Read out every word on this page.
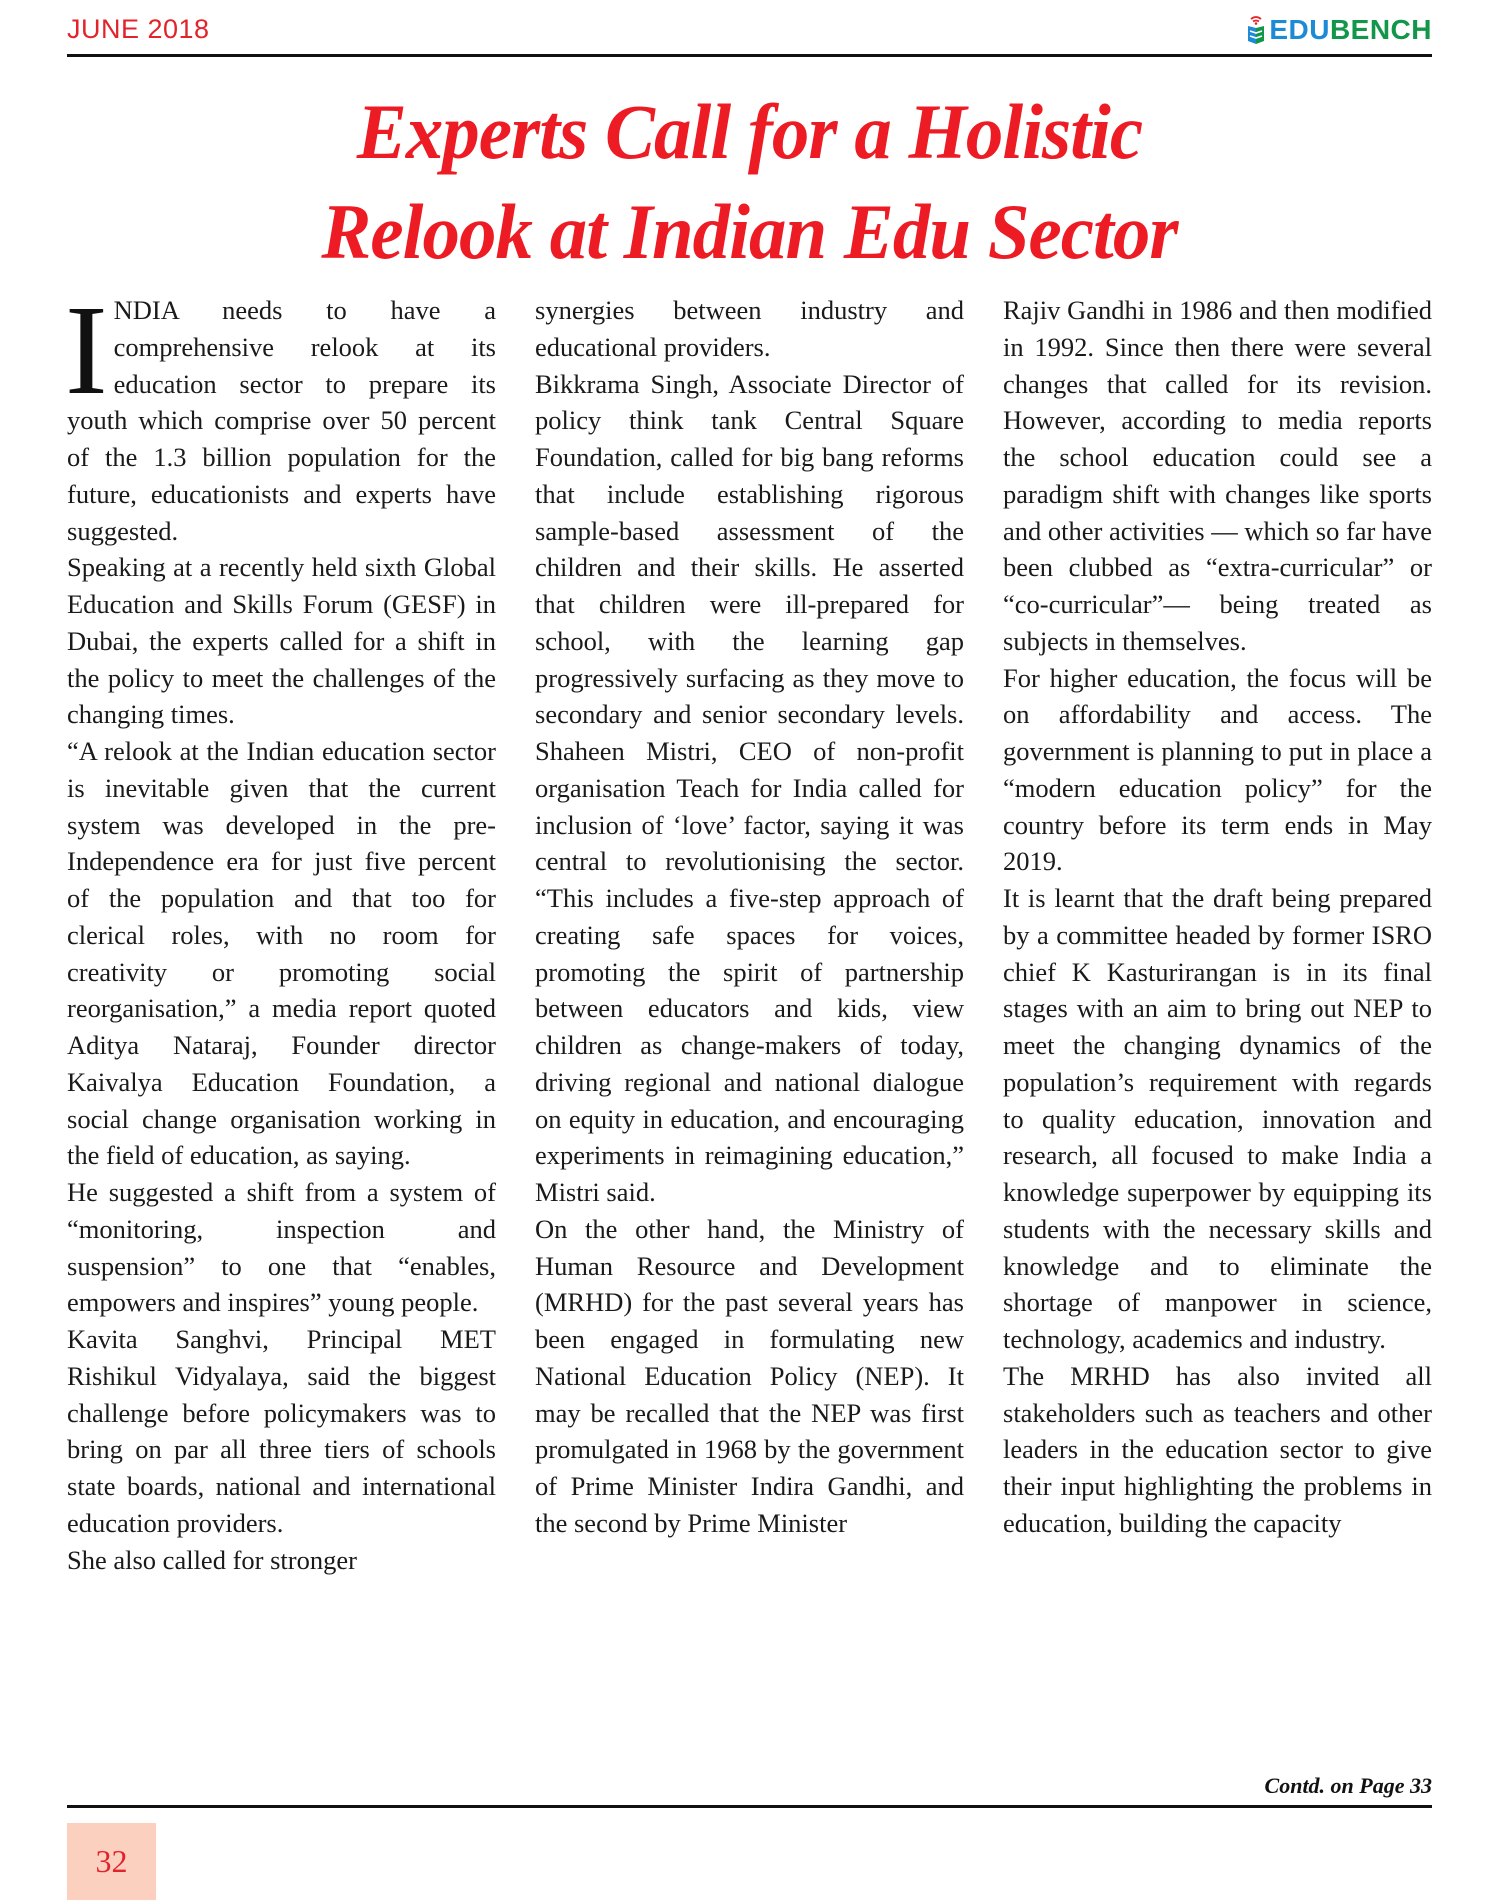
JUNE 2018	EDUBENCH
Experts Call for a Holistic
Relook at Indian Edu Sector

INDIA needs to have a comprehensive relook at its education sector to prepare its youth which comprise over 50 percent of the 1.3 billion population for the future, educationists and experts have suggested.

Speaking at a recently held sixth Global Education and Skills Forum (GESF) in Dubai, the experts called for a shift in the policy to meet the challenges of the changing times.

“A relook at the Indian education sector is inevitable given that the current system was developed in the pre-Independence era for just five percent of the population and that too for clerical roles, with no room for creativity or promoting social reorganisation,” a media report quoted Aditya Nataraj, Founder director Kaivalya Education Foundation, a social change organisation working in the field of education, as saying.

He suggested a shift from a system of “monitoring, inspection and suspension” to one that “enables, empowers and inspires” young people.

Kavita Sanghvi, Principal MET Rishikul Vidyalaya, said the biggest challenge before policymakers was to bring on par all three tiers of schools state boards, national and international education providers.

She also called for stronger

synergies between industry and educational providers.

Bikkrama Singh, Associate Director of policy think tank Central Square Foundation, called for big bang reforms that include establishing rigorous sample-based assessment of the children and their skills. He asserted that children were ill-prepared for school, with the learning gap progressively surfacing as they move to secondary and senior secondary levels. Shaheen Mistri, CEO of non-profit organisation Teach for India called for inclusion of ‘love’ factor, saying it was central to revolutionising the sector. “This includes a five-step approach of creating safe spaces for voices, promoting the spirit of partnership between educators and kids, view children as change-makers of today, driving regional and national dialogue on equity in education, and encouraging experiments in reimagining education,” Mistri said.

On the other hand, the Ministry of Human Resource and Development (MRHD) for the past several years has been engaged in formulating new National Education Policy (NEP). It may be recalled that the NEP was first promulgated in 1968 by the government of Prime Minister Indira Gandhi, and the second by Prime Minister

Rajiv Gandhi in 1986 and then modified in 1992. Since then there were several changes that called for its revision. However, according to media reports the school education could see a paradigm shift with changes like sports and other activities — which so far have been clubbed as “extra-curricular” or “co-curricular”— being treated as subjects in themselves.

For higher education, the focus will be on affordability and access. The government is planning to put in place a “modern education policy” for the country before its term ends in May 2019.

It is learnt that the draft being prepared by a committee headed by former ISRO chief K Kasturirangan is in its final stages with an aim to bring out NEP to meet the changing dynamics of the population’s requirement with regards to quality education, innovation and research, all focused to make India a knowledge superpower by equipping its students with the necessary skills and knowledge and to eliminate the shortage of manpower in science, technology, academics and industry.

The MRHD has also invited all stakeholders such as teachers and other leaders in the education sector to give their input highlighting the problems in education, building the capacity

Contd. on Page 33
32
